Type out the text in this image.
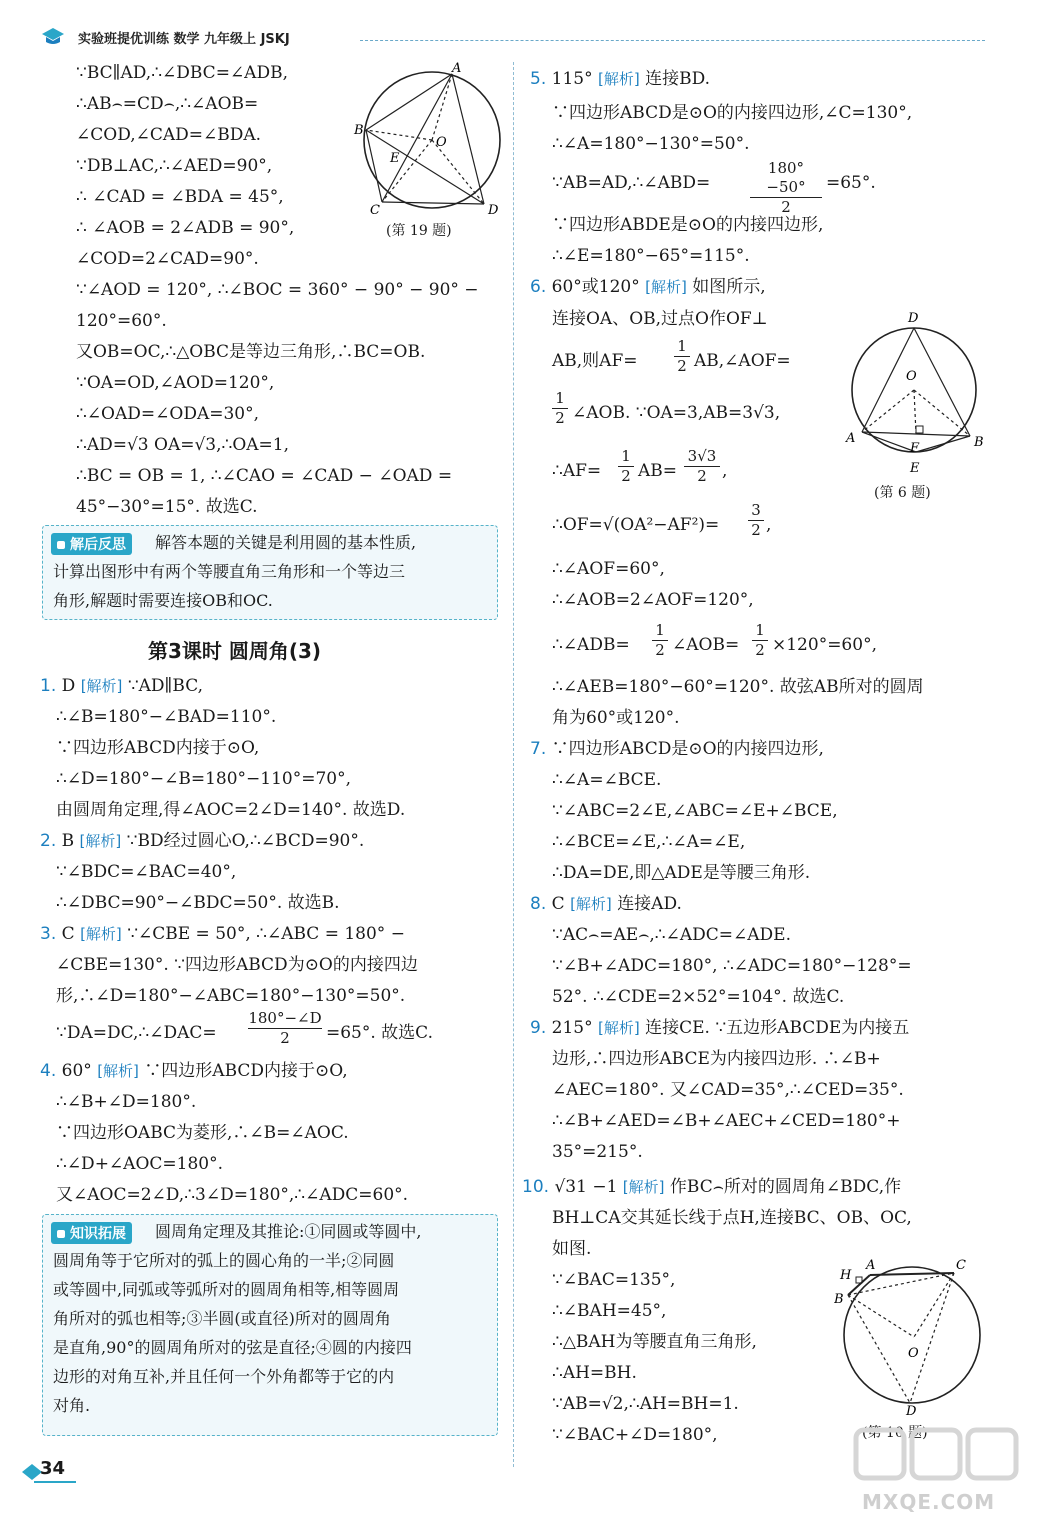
实验班提优训练 数学 九年级上 JSKJ
∵BC∥AD,∴∠DBC=∠ADB,
∴AB⌢=CD⌢,∴∠AOB=
∠COD,∠CAD=∠BDA.
∵DB⊥AC,∴∠AED=90°,
∴ ∠CAD = ∠BDA = 45°,
∴ ∠AOB = 2∠ADB = 90°,
∠COD=2∠CAD=90°.
∵∠AOD = 120°, ∴∠BOC = 360° − 90° − 90° −
120°=60°.
又OB=OC,∴△OBC是等边三角形,∴BC=OB.
∵OA=OD,∠AOD=120°,
∴∠OAD=∠ODA=30°,
∴AD=√3 OA=√3,∴OA=1,
∴BC = OB = 1, ∴∠CAO = ∠CAD − ∠OAD =
45°−30°=15°. 故选C.
A
B
C	D
E
O
(第 19 题)
解后反思	解答本题的关键是利用圆的基本性质,
计算出图形中有两个等腰直角三角形和一个等边三
角形,解题时需要连接OB和OC.
第3课时 圆周角(3)
1. D [解析] ∵AD∥BC,
∴∠B=180°−∠BAD=110°.
∵四边形ABCD内接于⊙O,
∴∠D=180°−∠B=180°−110°=70°,
由圆周角定理,得∠AOC=2∠D=140°. 故选D.
2. B [解析] ∵BD经过圆心O,∴∠BCD=90°.
∵∠BDC=∠BAC=40°,
∴∠DBC=90°−∠BDC=50°. 故选B.
3. C [解析] ∵∠CBE = 50°, ∴∠ABC = 180° −
∠CBE=130°. ∵四边形ABCD为⊙O的内接四边
形,∴∠D=180°−∠ABC=180°−130°=50°.
∵DA=DC,∴∠DAC= $\frac{180^\circ-\angle D}{2} =65^\circ$. 故选C.
4. 60° [解析] ∵四边形ABCD内接于⊙O,
∴∠B+∠D=180°.
∵四边形OABC为菱形,∴∠B=∠AOC.
∴∠D+∠AOC=180°.
又∠AOC=2∠D,∴3∠D=180°,∴∠ADC=60°.
知识拓展	圆周角定理及其推论:①同圆或等圆中,
圆周角等于它所对的弧上的圆心角的一半;②同圆
或等圆中,同弧或等弧所对的圆周角相等,相等圆周
角所对的弧也相等;③半圆(或直径)所对的圆周角
是直角,90°的圆周角所对的弦是直径;④圆的内接四
边形的对角互补,并且任何一个外角都等于它的内
对角.
5. 115° [解析] 连接BD.
∵四边形ABCD是⊙O的内接四边形,∠C=130°,
∴∠A=180°−130°=50°.
∵AB=AD,∴∠ABD=	$\frac{180^\circ-50^\circ}{2} =65^\circ$.
∵四边形ABDE是⊙O的内接四边形,
∴∠E=180°−65°=115°.
6. 60°或120° [解析] 如图所示,
连接OA、OB,过点O作OF⊥
AB,则AF=
1
2 AB,∠AOF=
1
2 ∠AOB. ∵OA=3,AB=3√3,
∴AF=
1
2 AB=
3√3
2 ,
∴OF=√(OA²−AF²)=
3
2 ,
∴∠AOF=60°,
∴∠AOB=2∠AOF=120°,
∴∠ADB=
1
2 ∠AOB=
1
2 ×120°=60°,
∴∠AEB=180°−60°=120°. 故弦AB所对的圆周
角为60°或120°.
D
O
A	B
F
E
(第 6 题)
7. ∵四边形ABCD是⊙O的内接四边形,
∴∠A=∠BCE.
∵∠ABC=2∠E,∠ABC=∠E+∠BCE,
∴∠BCE=∠E,∴∠A=∠E,
∴DA=DE,即△ADE是等腰三角形.
8. C [解析] 连接AD.
∵AC⌢=AE⌢,∴∠ADC=∠ADE.
∵∠B+∠ADC=180°, ∴∠ADC=180°−128°=
52°. ∴∠CDE=2×52°=104°. 故选C.
9. 215° [解析] 连接CE. ∵五边形ABCDE为内接五
边形,∴四边形ABCE为内接四边形. ∴∠B+
∠AEC=180°. 又∠CAD=35°,∴∠CED=35°.
∴∠B+∠AED=∠B+∠AEC+∠CED=180°+
35°=215°.
10. √31 −1 [解析] 作BC⌢所对的圆周角∠BDC,作
BH⊥CA交其延长线于点H,连接BC、OB、OC,
如图.
∵∠BAC=135°,
∴∠BAH=45°,
∴△BAH为等腰直角三角形,
∴AH=BH.
∵AB=√2,∴AH=BH=1.
∵∠BAC+∠D=180°,
H
A	C
B
O
D
(第 10 题)
34
MXQE.COM
